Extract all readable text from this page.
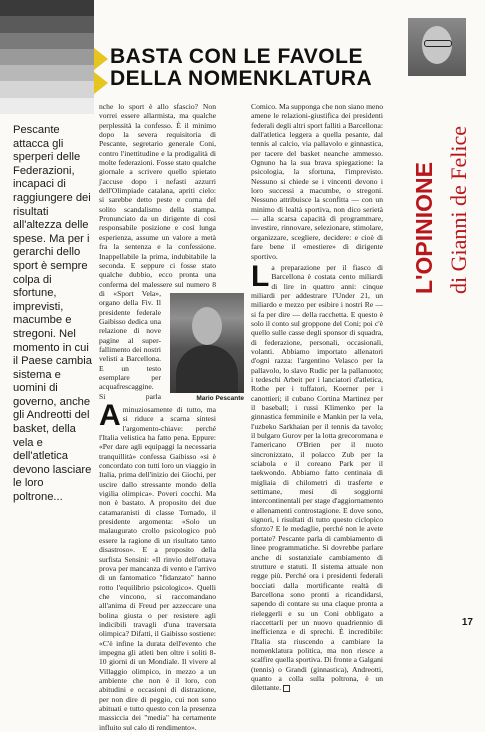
BASTA CON LE FAVOLE
DELLA NOMENKLATURA
L'OPINIONE di Gianni de Felice
Pescante attacca gli sperperi delle Federazioni, incapaci di raggiungere dei risultati all'altezza delle spese. Ma per i gerarchi dello sport è sempre colpa di sfortune, imprevisti, macumbe e stregoni. Nel momento in cui il Paese cambia sistema e uomini di governo, anche gli Andreotti del basket, della vela e dell'atletica devono lasciare le loro poltrone...

A
nche lo sport è allo sfascio? Non vorrei essere allarmista, ma qualche perplessità la confesso. È il minimo dopo la severa requisitoria di Pescante, segretario generale Coni, contro l'inettitudine e la prodigalità di molte federazioni. Fosse stato qualche giornale a scrivere quello spietato j'accuse dopo i nefasti azzurri dell'Olimpiade catalana, apriti cielo: si sarebbe detto peste e corna del solito scandalismo della stampa. Pronunciato da un dirigente di così responsabile posizione e così lunga esperienza, assume un valore a metà fra la sentenza e la confessione. Inappellabile la prima, indubitabile la seconda. E seppure ci fosse stato qualche dubbio, ecco pronta una conferma del malessere sul numero 8 di «Sport Vela», organo della Fiv. Il presidente federale Gaibisso dedica una relazione di nove pagine al super-fallimento dei nostri velisti a Barcellona. E un testo esemplare per acquafrescaggine. Si parla minuziosamente di tutto, ma si riduce a scarna sintesi l'argomento-chiave: perché l'Italia velistica ha fatto pena. Eppure: «Per dare agli equipaggi la necessaria tranquillità» confessa Gaibisso «si è concordato con tutti loro un viaggio in Italia, prima dell'inizio dei Giochi, per uscire dallo stressante mondo della vigilia olimpica». Poveri cocchi. Ma non è bastato. A proposito dei due catamaranisti di classe Tornado, il presidente argomenta: «Solo un malaugurato crollo psicologico può essere la ragione di un risultato tanto disastroso». E a proposito della surfista Sensini: «Il rinvio dell'ottava prova per mancanza di vento e l'arrivo di un fantomatico "fidanzato" hanno rotto l'equilibrio psicologico». Quelli che vincono, si raccomandano all'anima di Freud per azzeccare una bolina giusta o per resistere agli indicibili travagli d'una traversata olimpica? Difatti, il Gaibisso sostiene: «C'è infine la durata dell'evento che impegna gli atleti ben oltre i soliti 8-10 giorni di un Mondiale. Il vivere al Villaggio olimpico, in mezzo a un ambiente che non è il loro, con abitudini e occasioni di distrazione, per non dire di peggio, cui non sono abituati e tutto questo con la presenza massiccia dei "media" ha certamente influito sul calo di rendimento».

Mario Pescante

Comico. Ma supponga che non siano meno amene le relazioni-giustifica dei presidenti federali degli altri sport falliti a Barcellona: dall'atletica leggera a quella pesante, dal tennis al calcio, via pallavolo e ginnastica, per tacere del basket neanche ammesso. Ognuno ha la sua brava spiegazione: la psicologia, la sfortuna, l'imprevisto. Nessuno si chiede se i vincenti devono i loro successi a macumbe, o stregoni. Nessuno attribuisce la sconfitta — con un minimo di lealtà sportiva, non dico serietà — alla scarsa capacità di programmare, investire, rinnovare, selezionare, stimolare, organizzare, scegliere, decidere: e cioè di fare bene il «mestiere» di dirigente sportivo.

La preparazione per il fiasco di Barcellona è costata cento miliardi di lire in quattro anni: cinque miliardi per addestrare l'Under 21, un miliardo e mezzo per esibire i nostri Re — si fa per dire — della racchetta. E questo è solo il conto sul groppone del Coni; poi c'è quello sulle casse degli sponsor di squadra, di federazione, personali, occasionali, volanti. Abbiamo importato allenatori d'ogni razza: l'argentino Velasco per la pallavolo, lo slavo Rudic per la pallanuoto; i tedeschi Arbeit per i lanciatori d'atletica, Rothe per i tuffatori, Koerner per i canottieri; il cubano Cortina Martinez per il baseball; i russi Klimenko per la ginnastica femminile e Mankin per la vela, l'uzbeko Sarkhaian per il tennis da tavolo; il bulgaro Gurov per la lotta grecoromana e l'americano O'Brien per il nuoto sincronizzato, il polacco Zub per la sciabola e il coreano Park per il taekwondo. Abbiamo fatto centinaia di migliaia di chilometri di trasferte e settimane, mesi di soggiorni intercontinentali per stage d'aggiornamento e allenamenti controstagione. E dove sono, signori, i risultati di tutto questo ciclopico sforzo? E le medaglie, perché non le avete portate? Pescante parla di cambiamento di linee programmatiche. Si dovrebbe parlare anche di sostanziale cambiamento di strutture e statuti. Il sistema attuale non regge più. Perché ora i presidenti federali bocciati dalla mortificante realtà di Barcellona sono pronti a ricandidarsi, sapendo di contare su una claque pronta a rieleggerli e su un Coni obbligato a riaccettarli per un nuovo quadriennio di inefficienza e di sprechi. È incredibile: l'Italia sta riuscendo a cambiare la nomenklatura politica, ma non riesce a scalfire quella sportiva. Di fronte a Galgani (tennis) o Grandi (ginnastica), Andreotti, quanto a colla sulla poltrona, è un dilettante.

17
